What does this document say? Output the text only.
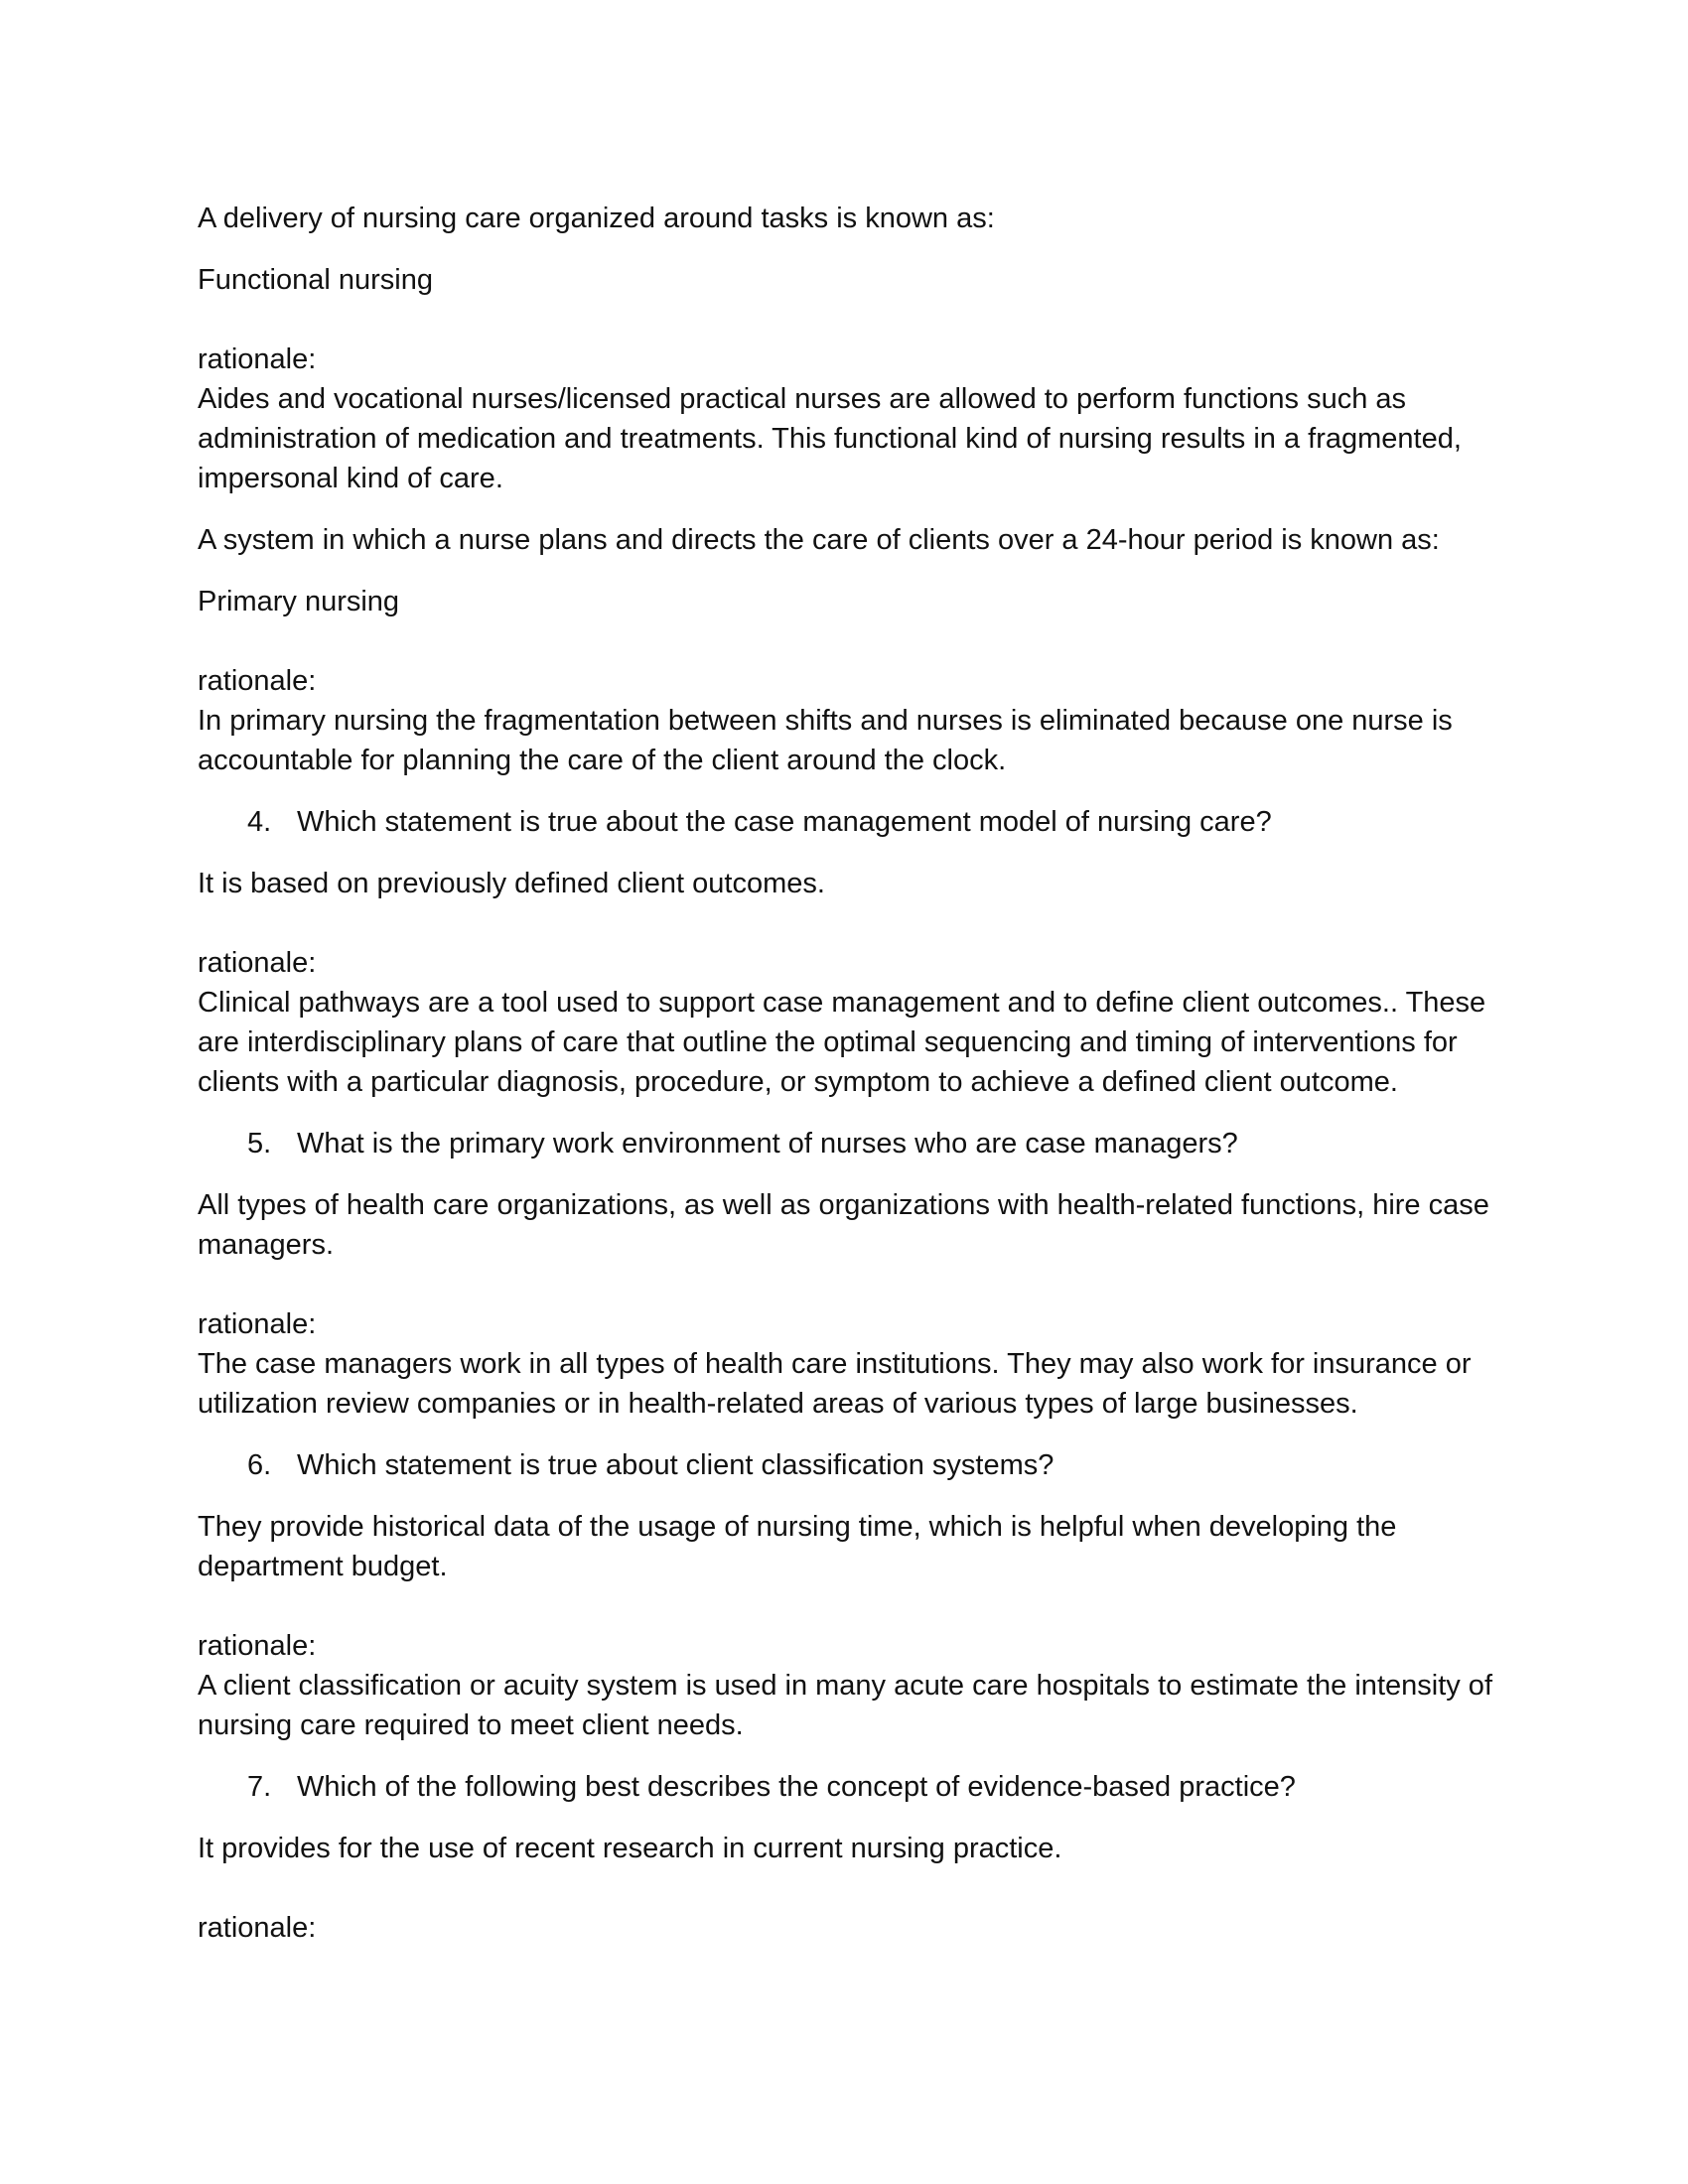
A delivery of nursing care organized around tasks is known as:

Functional nursing

rationale:

Aides and vocational nurses/licensed practical nurses are allowed to perform functions such as administration of medication and treatments. This functional kind of nursing results in a fragmented, impersonal kind of care.

A system in which a nurse plans and directs the care of clients over a 24-hour period is known as:

Primary nursing

rationale:

In primary nursing the fragmentation between shifts and nurses is eliminated because one nurse is accountable for planning the care of the client around the clock.

4. Which statement is true about the case management model of nursing care?

It is based on previously defined client outcomes.

rationale:

Clinical pathways are a tool used to support case management and to define client outcomes.. These are interdisciplinary plans of care that outline the optimal sequencing and timing of interventions for clients with a particular diagnosis, procedure, or symptom to achieve a defined client outcome.

5. What is the primary work environment of nurses who are case managers?

All types of health care organizations, as well as organizations with health-related functions, hire case managers.

rationale:

The case managers work in all types of health care institutions. They may also work for insurance or utilization review companies or in health-related areas of various types of large businesses.

6. Which statement is true about client classification systems?

They provide historical data of the usage of nursing time, which is helpful when developing the department budget.

rationale:

A client classification or acuity system is used in many acute care hospitals to estimate the intensity of nursing care required to meet client needs.

7. Which of the following best describes the concept of evidence-based practice?

It provides for the use of recent research in current nursing practice.

rationale:
